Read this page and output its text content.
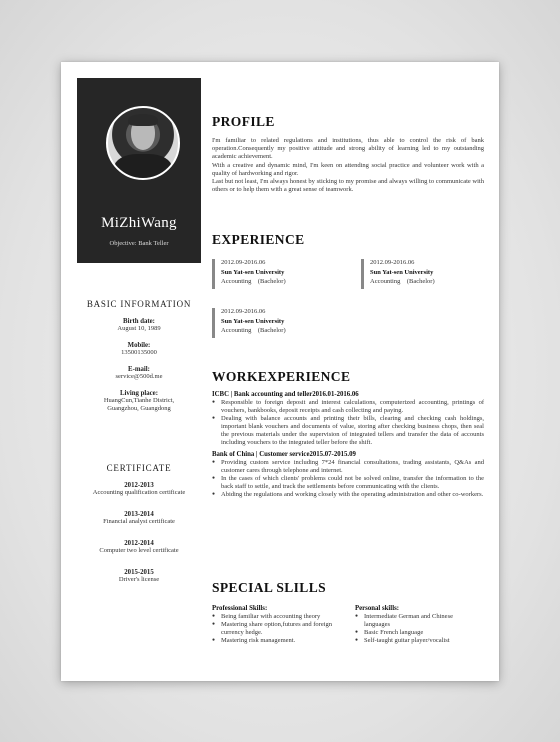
MiZhiWang
Objective: Bank Teller
BASIC INFORMATION
Birth date:
August 10, 1989
Mobile:
13500135000
E-mail:
service@500d.me
Living place:
HuangCun,Tianhe District,
Guangzhou, Guangdong
CERTIFICATE
2012-2013
Accounting qualification certificate
2013-2014
Financial analyst certificate
2012-2014
Computer two level certificate
2015-2015
Driver's license
PROFILE

I'm familiar to related regulations and institutions, thus able to control the risk of bank operation.Consequently my positive attitude and strong ability of learning led to my outstanding academic achievement.

With a creative and dynamic mind, I'm keen on attending social practice and volunteer work with a quality of hardworking and rigor.

Last but not least, I'm always honest by sticking to my promise and always willing to communicate with others or to help them with a great sense of teamwork.

EXPERIENCE
2012.09-2016.06
Sun Yat-sen University
Accounting    (Bachelor)
2012.09-2016.06
Sun Yat-sen University
Accounting    (Bachelor)
2012.09-2016.06
Sun Yat-sen University
Accounting    (Bachelor)
WORKEXPERIENCE

ICBC | Bank accounting and teller2016.01-2016.06

● Responsible to foreign deposit and interest calculations, computerized accounting, printings of vouchers, bankbooks, deposit receipts and cash collecting and paying.
● Dealing with balance accounts and printing their bills, clearing and checking cash holdings, important blank vouchers and documents of value, storing after checking business chops, then seal the previous materials under the supervision of integrated tellers and transfer the data of accounts including vouchers to the integrated teller before the shift.

Bank of China | Customer service2015.07-2015.09

● Providing custom service including 7*24 financial consultations, trading assistants, Q&As and customer cares through telephone and internet.
● In the cases of which clients' problems could not be solved online, transfer the information to the back staff to settle, and track the settlements before communicating with the clients.
● Abiding the regulations and working closely with the operating administration and other co-workers.
SPECIAL SLILLS
Professional Skills:
● Being familiar with accounting theory
● Mastering share option,futures and foreign currency hedge.
● Mastering risk management.
Personal skills:
● Intermediate German and Chinese languages
● Basic French language
● Self-taught guitar player/vocalist
